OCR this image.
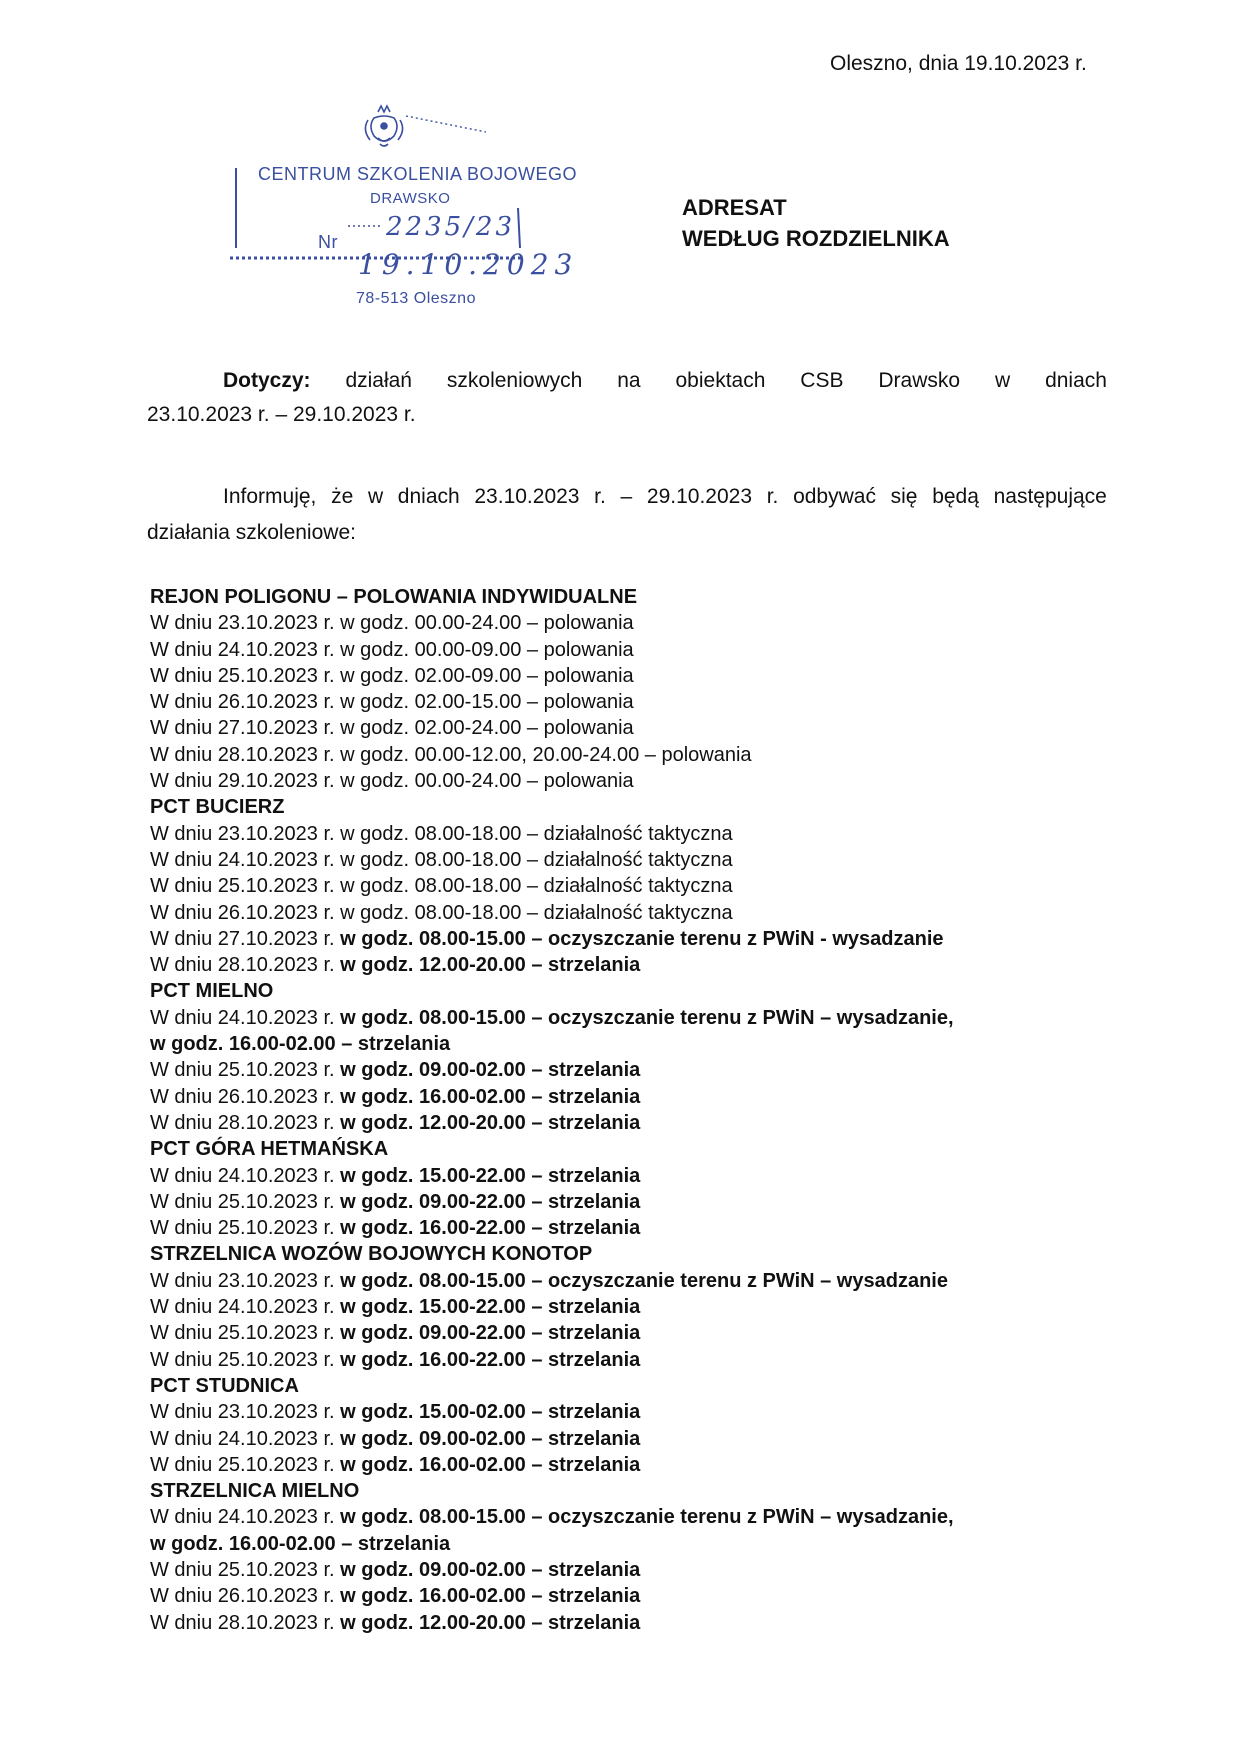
Oleszno, dnia 19.10.2023 r.
CENTRUM SZKOLENIA BOJOWEGO
DRAWSKO
Nr 2235/23
19.10.2023
78-513 Oleszno
ADRESAT
WEDŁUG ROZDZIELNIKA
Dotyczy: działań szkoleniowych na obiektach CSB Drawsko w dniach
23.10.2023 r. – 29.10.2023 r.
Informuję, że w dniach 23.10.2023 r. – 29.10.2023 r. odbywać się będą następujące
działania szkoleniowe:
REJON POLIGONU – POLOWANIA INDYWIDUALNE
W dniu 23.10.2023 r. w godz. 00.00-24.00 – polowania
W dniu 24.10.2023 r. w godz. 00.00-09.00 – polowania
W dniu 25.10.2023 r. w godz. 02.00-09.00 – polowania
W dniu 26.10.2023 r. w godz. 02.00-15.00 – polowania
W dniu 27.10.2023 r. w godz. 02.00-24.00 – polowania
W dniu 28.10.2023 r. w godz. 00.00-12.00, 20.00-24.00 – polowania
W dniu 29.10.2023 r. w godz. 00.00-24.00 – polowania
PCT BUCIERZ
W dniu 23.10.2023 r. w godz. 08.00-18.00 – działalność taktyczna
W dniu 24.10.2023 r. w godz. 08.00-18.00 – działalność taktyczna
W dniu 25.10.2023 r. w godz. 08.00-18.00 – działalność taktyczna
W dniu 26.10.2023 r. w godz. 08.00-18.00 – działalność taktyczna
W dniu 27.10.2023 r. w godz. 08.00-15.00 – oczyszczanie terenu z PWiN - wysadzanie
W dniu 28.10.2023 r. w godz. 12.00-20.00 – strzelania
PCT MIELNO
W dniu 24.10.2023 r. w godz. 08.00-15.00 – oczyszczanie terenu z PWiN – wysadzanie,
w godz. 16.00-02.00 – strzelania
W dniu 25.10.2023 r. w godz. 09.00-02.00 – strzelania
W dniu 26.10.2023 r. w godz. 16.00-02.00 – strzelania
W dniu 28.10.2023 r. w godz. 12.00-20.00 – strzelania
PCT GÓRA HETMAŃSKA
W dniu 24.10.2023 r. w godz. 15.00-22.00 – strzelania
W dniu 25.10.2023 r. w godz. 09.00-22.00 – strzelania
W dniu 25.10.2023 r. w godz. 16.00-22.00 – strzelania
STRZELNICA WOZÓW BOJOWYCH KONOTOP
W dniu 23.10.2023 r. w godz. 08.00-15.00 – oczyszczanie terenu z PWiN – wysadzanie
W dniu 24.10.2023 r. w godz. 15.00-22.00 – strzelania
W dniu 25.10.2023 r. w godz. 09.00-22.00 – strzelania
W dniu 25.10.2023 r. w godz. 16.00-22.00 – strzelania
PCT STUDNICA
W dniu 23.10.2023 r. w godz. 15.00-02.00 – strzelania
W dniu 24.10.2023 r. w godz. 09.00-02.00 – strzelania
W dniu 25.10.2023 r. w godz. 16.00-02.00 – strzelania
STRZELNICA MIELNO
W dniu 24.10.2023 r. w godz. 08.00-15.00 – oczyszczanie terenu z PWiN – wysadzanie,
w godz. 16.00-02.00 – strzelania
W dniu 25.10.2023 r. w godz. 09.00-02.00 – strzelania
W dniu 26.10.2023 r. w godz. 16.00-02.00 – strzelania
W dniu 28.10.2023 r. w godz. 12.00-20.00 – strzelania
